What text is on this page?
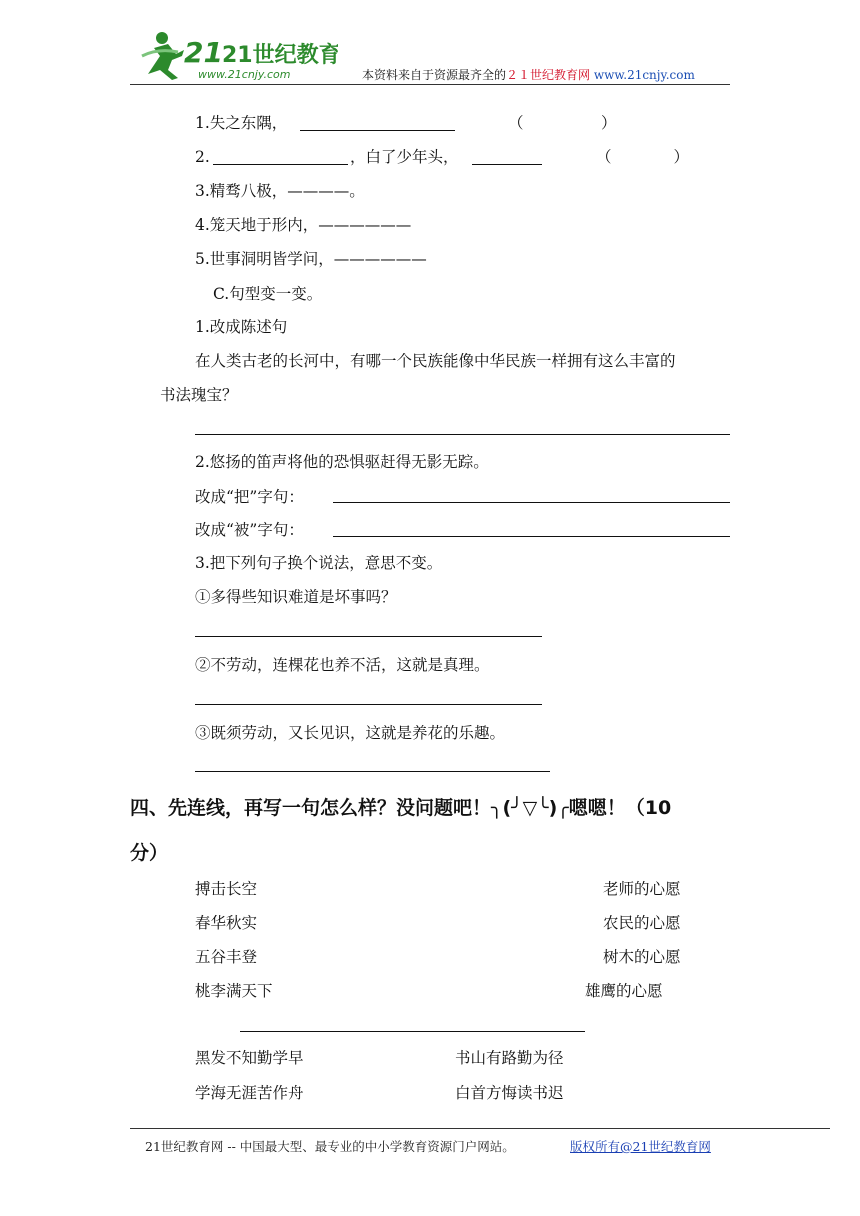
21 21世纪教育
www.21cnjy.com	本资料来自于资源最齐全的２１世纪教育网 www.21cnjy.com
1.失之东隅，	（　　　　　）
2.	，白了少年头，	（　　　　）
3.精骛八极，————。
4.笼天地于形内，——————
5.世事洞明皆学问，——————
C.句型变一变。
1.改成陈述句
在人类古老的长河中，有哪一个民族能像中华民族一样拥有这么丰富的
书法瑰宝？
2.悠扬的笛声将他的恐惧驱赶得无影无踪。
改成“把”字句：
改成“被”字句：
3.把下列句子换个说法，意思不变。
①多得些知识难道是坏事吗？
②不劳动，连棵花也养不活，这就是真理。
③既须劳动，又长见识，这就是养花的乐趣。
四、先连线，再写一句怎么样？没问题吧！╮(╯▽╰)╭嗯嗯！（10
分）
搏击长空
春华秋实
五谷丰登
桃李满天下
老师的心愿
农民的心愿
树木的心愿
雄鹰的心愿
黑发不知勤学早	书山有路勤为径
学海无涯苦作舟	白首方悔读书迟
21世纪教育网 -- 中国最大型、最专业的中小学教育资源门户网站。	版权所有@21世纪教育网
